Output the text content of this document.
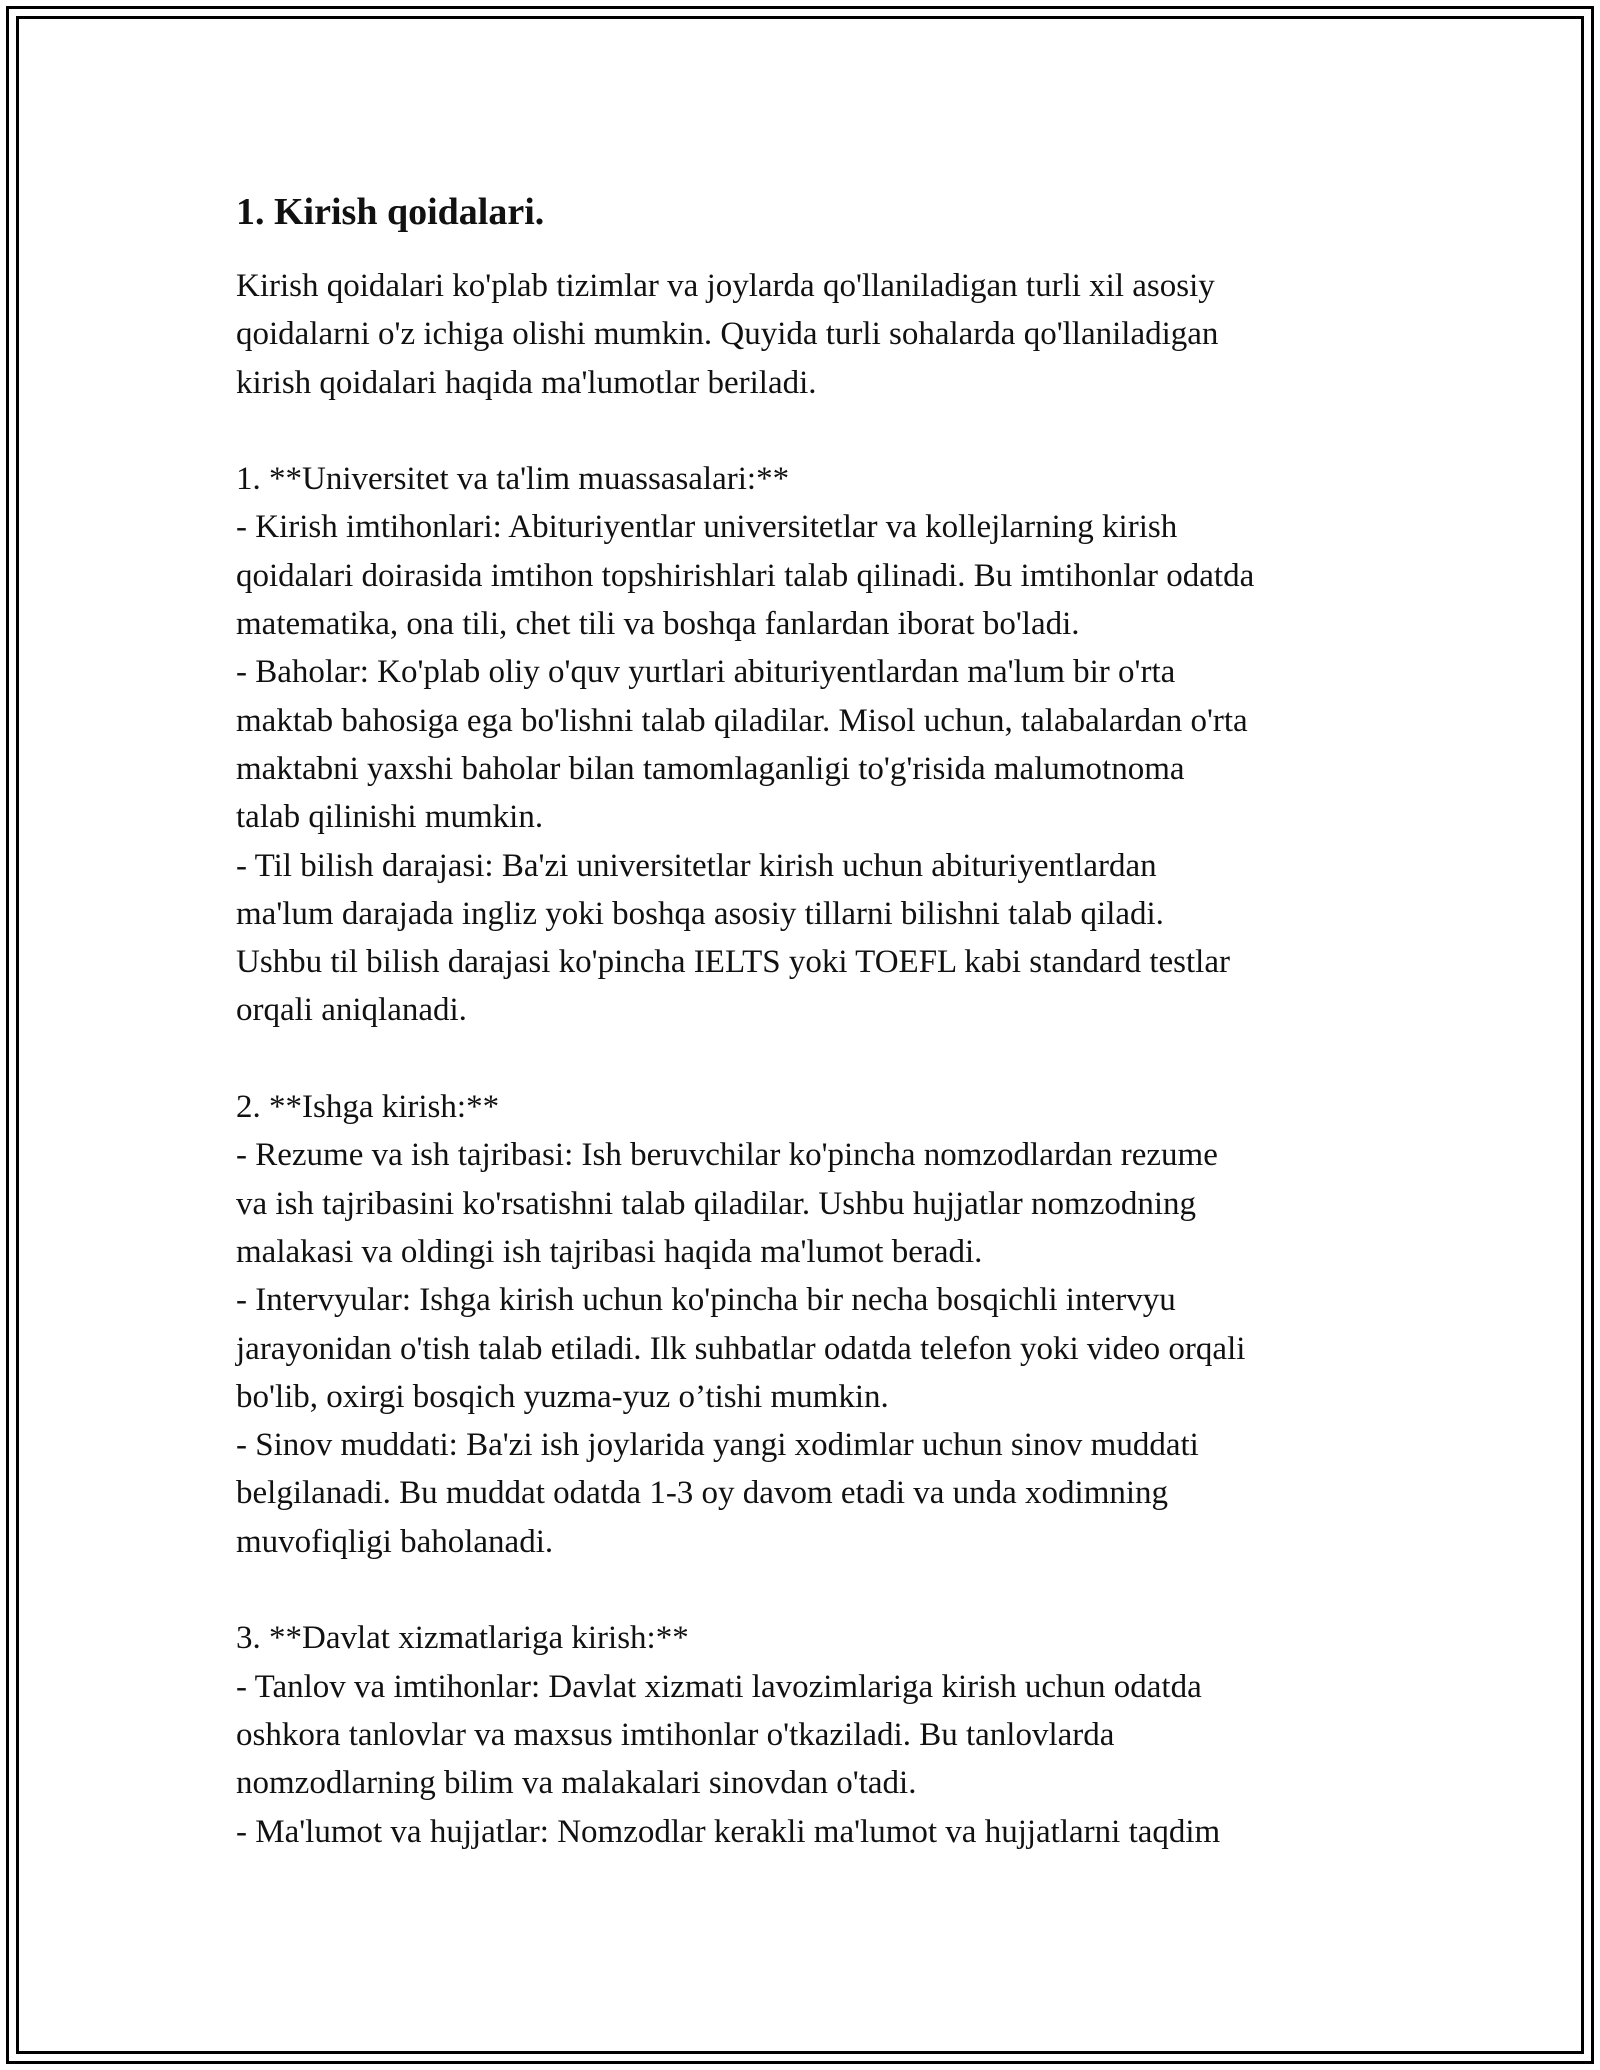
1. Kirish qoidalari.

Kirish qoidalari ko'plab tizimlar va joylarda qo'llaniladigan turli xil asosiy
qoidalarni o'z ichiga olishi mumkin. Quyida turli sohalarda qo'llaniladigan
kirish qoidalari haqida ma'lumotlar beriladi.

1. **Universitet va ta'lim muassasalari:**

- Kirish imtihonlari: Abituriyentlar universitetlar va kollejlarning kirish
qoidalari doirasida imtihon topshirishlari talab qilinadi. Bu imtihonlar odatda
matematika, ona tili, chet tili va boshqa fanlardan iborat bo'ladi.

- Baholar: Ko'plab oliy o'quv yurtlari abituriyentlardan ma'lum bir o'rta
maktab bahosiga ega bo'lishni talab qiladilar. Misol uchun, talabalardan o'rta
maktabni yaxshi baholar bilan tamomlaganligi to'g'risida malumotnoma
talab qilinishi mumkin.

- Til bilish darajasi: Ba'zi universitetlar kirish uchun abituriyentlardan
ma'lum darajada ingliz yoki boshqa asosiy tillarni bilishni talab qiladi.
Ushbu til bilish darajasi ko'pincha IELTS yoki TOEFL kabi standard testlar
orqali aniqlanadi.

2. **Ishga kirish:**

- Rezume va ish tajribasi: Ish beruvchilar ko'pincha nomzodlardan rezume
va ish tajribasini ko'rsatishni talab qiladilar. Ushbu hujjatlar nomzodning
malakasi va oldingi ish tajribasi haqida ma'lumot beradi.

- Intervyular: Ishga kirish uchun ko'pincha bir necha bosqichli intervyu
jarayonidan o'tish talab etiladi. Ilk suhbatlar odatda telefon yoki video orqali
bo'lib, oxirgi bosqich yuzma-yuz o’tishi mumkin.

- Sinov muddati: Ba'zi ish joylarida yangi xodimlar uchun sinov muddati
belgilanadi. Bu muddat odatda 1-3 oy davom etadi va unda xodimning
muvofiqligi baholanadi.

3. **Davlat xizmatlariga kirish:**

- Tanlov va imtihonlar: Davlat xizmati lavozimlariga kirish uchun odatda
oshkora tanlovlar va maxsus imtihonlar o'tkaziladi. Bu tanlovlarda
nomzodlarning bilim va malakalari sinovdan o'tadi.

- Ma'lumot va hujjatlar: Nomzodlar kerakli ma'lumot va hujjatlarni taqdim
